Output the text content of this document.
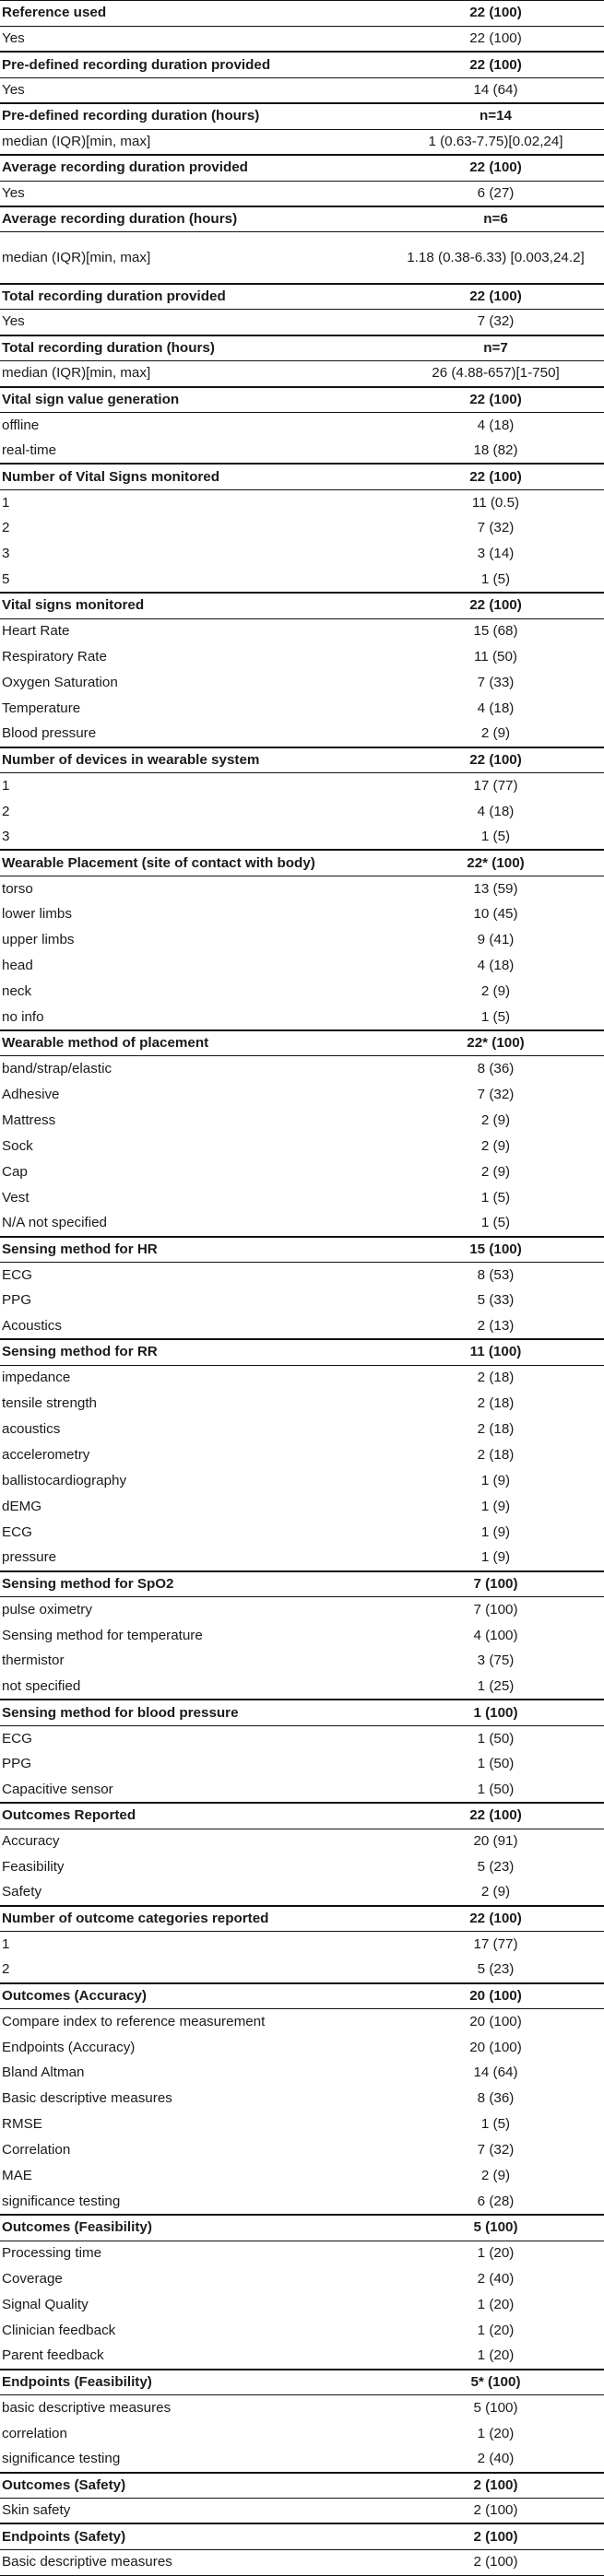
Reference used	22 (100)
Yes	22 (100)
Pre-defined recording duration provided	22 (100)
Yes	14 (64)
Pre-defined recording duration (hours)	n=14
median (IQR)[min, max]	1 (0.63-7.75)[0.02,24]
Average recording duration provided	22 (100)
Yes	6 (27)
Average recording duration (hours)	n=6
median (IQR)[min, max]	1.18 (0.38-6.33) [0.003,24.2]
Total recording duration provided	22 (100)
Yes	7 (32)
Total recording duration (hours)	n=7
median (IQR)[min, max]	26 (4.88-657)[1-750]
Vital sign value generation	22 (100)
offline	4 (18)
real-time	18 (82)
Number of Vital Signs monitored	22 (100)
1	11 (0.5)
2	7 (32)
3	3 (14)
5	1 (5)
Vital signs monitored	22 (100)
Heart Rate	15 (68)
Respiratory Rate	11 (50)
Oxygen Saturation	7 (33)
Temperature	4 (18)
Blood pressure	2 (9)
Number of devices in wearable system	22 (100)
1	17 (77)
2	4 (18)
3	1 (5)
Wearable Placement (site of contact with body)	22* (100)
torso	13 (59)
lower limbs	10 (45)
upper limbs	9 (41)
head	4 (18)
neck	2 (9)
no info	1 (5)
Wearable method of placement	22* (100)
band/strap/elastic	8 (36)
Adhesive	7 (32)
Mattress	2 (9)
Sock	2 (9)
Cap	2 (9)
Vest	1 (5)
N/A not specified	1 (5)
Sensing method for HR	15 (100)
ECG	8 (53)
PPG	5 (33)
Acoustics	2 (13)
Sensing method for RR	11 (100)
impedance	2 (18)
tensile strength	2 (18)
acoustics	2 (18)
accelerometry	2 (18)
ballistocardiography	1 (9)
dEMG	1 (9)
ECG	1 (9)
pressure	1 (9)
Sensing method for SpO2	7 (100)
pulse oximetry	7 (100)
Sensing method for temperature	4 (100)
thermistor	3 (75)
not specified	1 (25)
Sensing method for blood pressure	1 (100)
ECG	1 (50)
PPG	1 (50)
Capacitive sensor	1 (50)
Outcomes Reported	22 (100)
Accuracy	20 (91)
Feasibility	5 (23)
Safety	2 (9)
Number of outcome categories reported	22 (100)
1	17 (77)
2	5 (23)
Outcomes (Accuracy)	20 (100)
Compare index to reference measurement	20 (100)
Endpoints (Accuracy)	20 (100)
Bland Altman	14 (64)
Basic descriptive measures	8 (36)
RMSE	1 (5)
Correlation	7 (32)
MAE	2 (9)
significance testing	6 (28)
Outcomes (Feasibility)	5 (100)
Processing time	1 (20)
Coverage	2 (40)
Signal Quality	1 (20)
Clinician feedback	1 (20)
Parent feedback	1 (20)
Endpoints (Feasibility)	5* (100)
basic descriptive measures	5 (100)
correlation	1 (20)
significance testing	2 (40)
Outcomes (Safety)	2 (100)
Skin safety	2 (100)
Endpoints (Safety)	2 (100)
Basic descriptive measures	2 (100)
